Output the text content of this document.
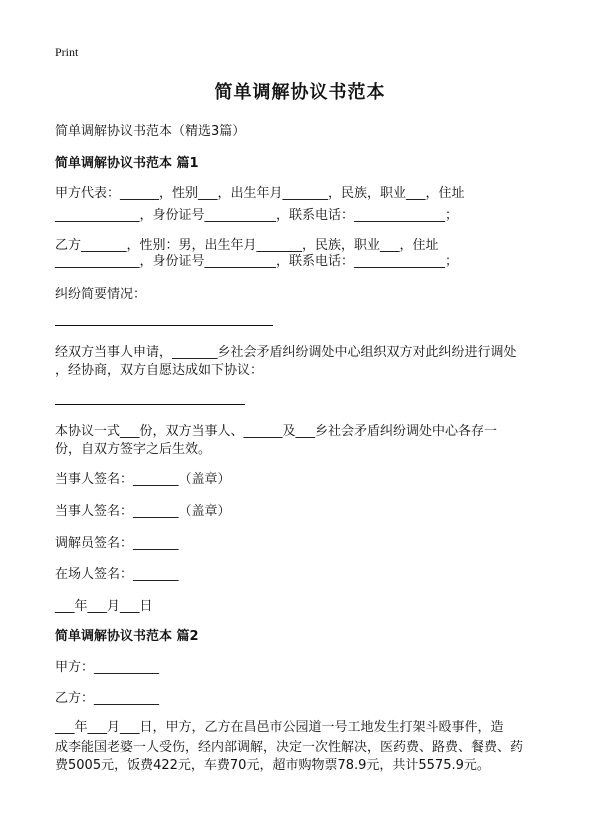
Print
简单调解协议书范本
简单调解协议书范本（精选3篇）
简单调解协议书范本 篇1
甲方代表：______，性别___，出生年月_______，民族，职业___，住址
_____________，身份证号___________，联系电话：______________；
乙方_______，性别：男，出生年月_______，民族，职业___，住址
_____________，身份证号___________，联系电话：______________；
纠纷简要情况：
经双方当事人申请，_______乡社会矛盾纠纷调处中心组织双方对此纠纷进行调处
，经协商，双方自愿达成如下协议：
本协议一式___份，双方当事人、______及___乡社会矛盾纠纷调处中心各存一
份，自双方签字之后生效。
当事人签名：_______（盖章）
当事人签名：_______（盖章）
调解员签名：_______
在场人签名：_______
___年___月___日
简单调解协议书范本 篇2
甲方：__________
乙方：__________
___年___月___日，甲方，乙方在昌邑市公园道一号工地发生打架斗殴事件，造
成李能国老婆一人受伤，经内部调解，决定一次性解决，医药费、路费、餐费、药
费5005元，饭费422元，车费70元，超市购物票78.9元，共计5575.9元。
